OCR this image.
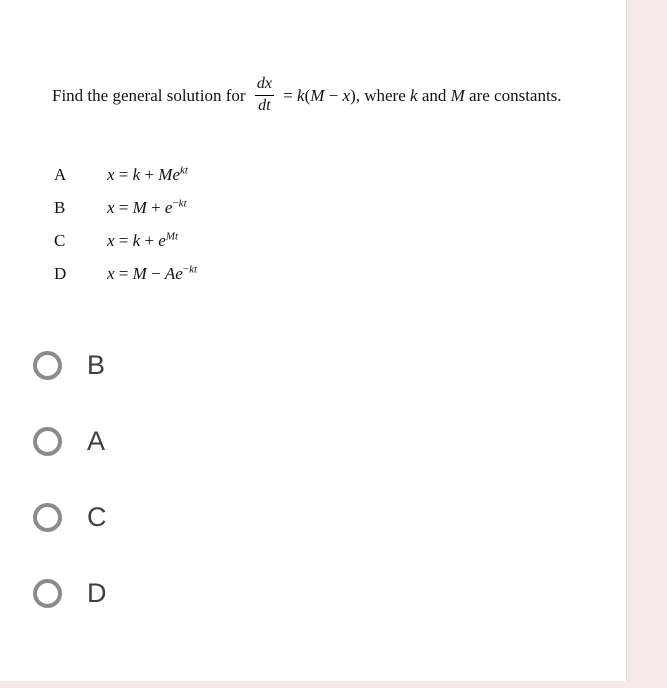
Find the general solution for $\frac{dx}{dt} = k(M - x)$, where k and M are constants.
A	$x = k + Me^{kt}$
B	$x = M + e^{-kt}$
C	$x = k + e^{Mt}$
D	$x = M - Ae^{-kt}$
B
A
C
D
